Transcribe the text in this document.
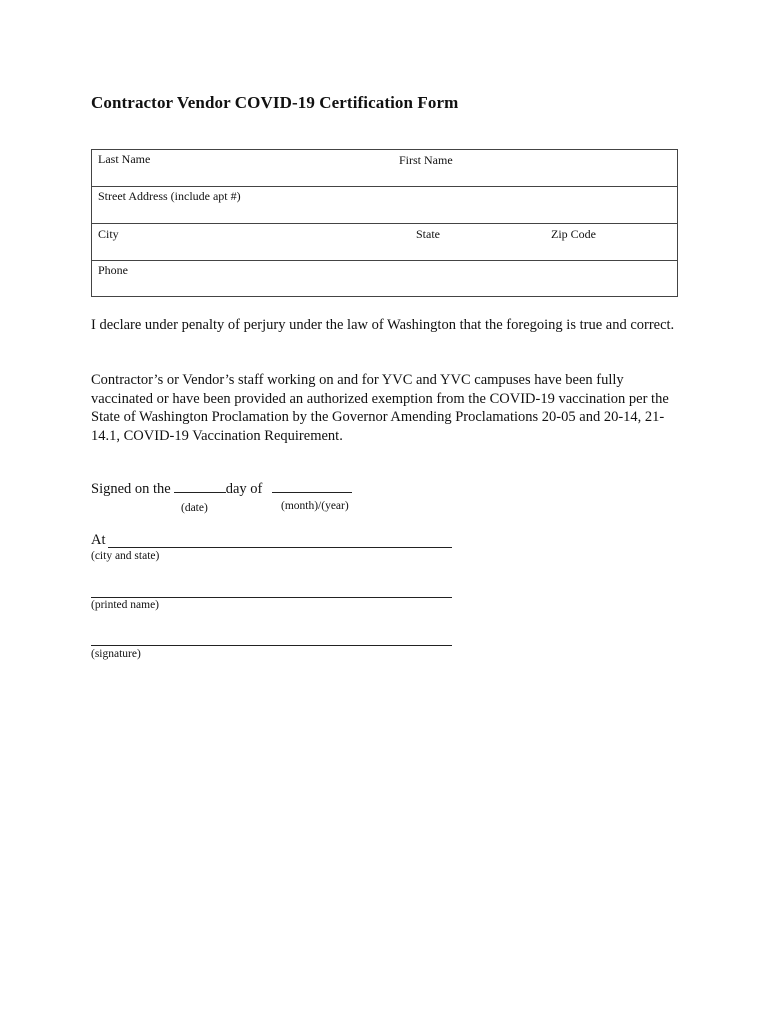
Contractor Vendor COVID-19 Certification Form
Last Name	First Name
Street Address (include apt #)
City	State	Zip Code
Phone
I declare under penalty of perjury under the law of Washington that the foregoing is true and correct.
Contractor’s or Vendor’s staff working on and for YVC and YVC campuses have been fully vaccinated or have been provided an authorized exemption from the COVID-19 vaccination per the State of Washington Proclamation by the Governor Amending Proclamations 20-05 and 20-14, 21-14.1, COVID-19 Vaccination Requirement.
Signed on the	day of
(date)	(month)/(year)
At
(city and state)
(printed name)
(signature)
